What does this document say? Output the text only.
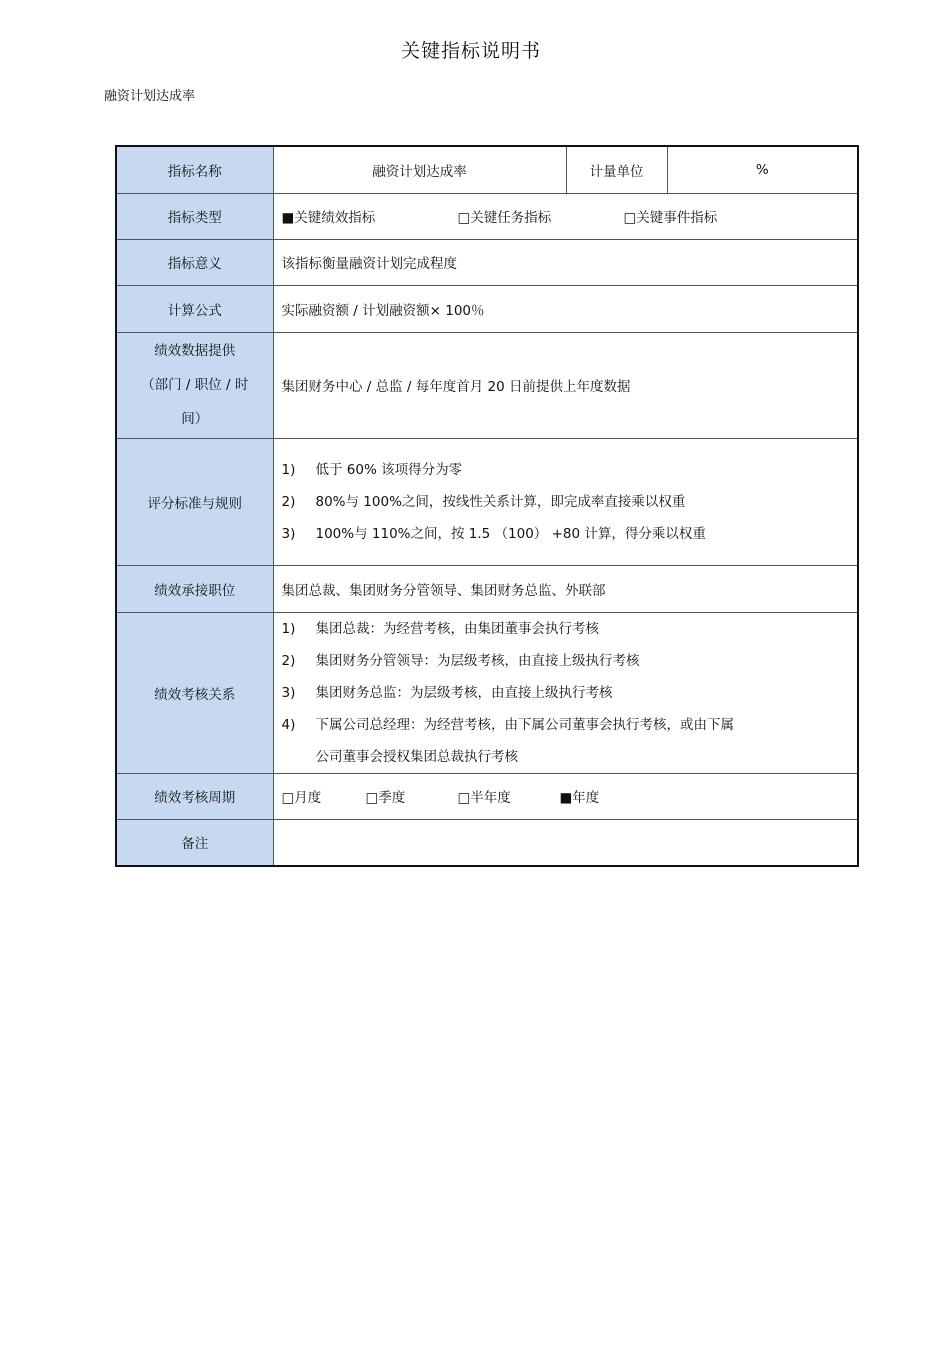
关键指标说明书
融资计划达成率
指标名称	融资计划达成率	计量单位	%
指标类型	■关键绩效指标 □关键任务指标 □关键事件指标		
指标意义	该指标衡量融资计划完成程度		
计算公式	实际融资额 / 计划融资额× 100％		

绩效数据提供
（部门 / 职位 / 时
间）	集团财务中心 / 总监 / 每年度首月 20 日前提供上年度数据		
评分标准与规则	1) 低于 60% 该项得分为零
2) 80%与 100%之间，按线性关系计算，即完成率直接乘以权重
3) 100%与 110%之间，按 1.5 （100） +80 计算，得分乘以权重		

绩效承接职位	集团总裁、集团财务分管领导、集团财务总监、外联部		
绩效考核关系	1) 集团总裁：为经营考核，由集团董事会执行考核
2) 集团财务分管领导：为层级考核，由直接上级执行考核
3) 集团财务总监：为层级考核，由直接上级执行考核
4) 下属公司总经理：为经营考核，由下属公司董事会执行考核，或由下属
公司董事会授权集团总裁执行考核		

绩效考核周期	□月度 □季度 □半年度 ■年度		
备注			
